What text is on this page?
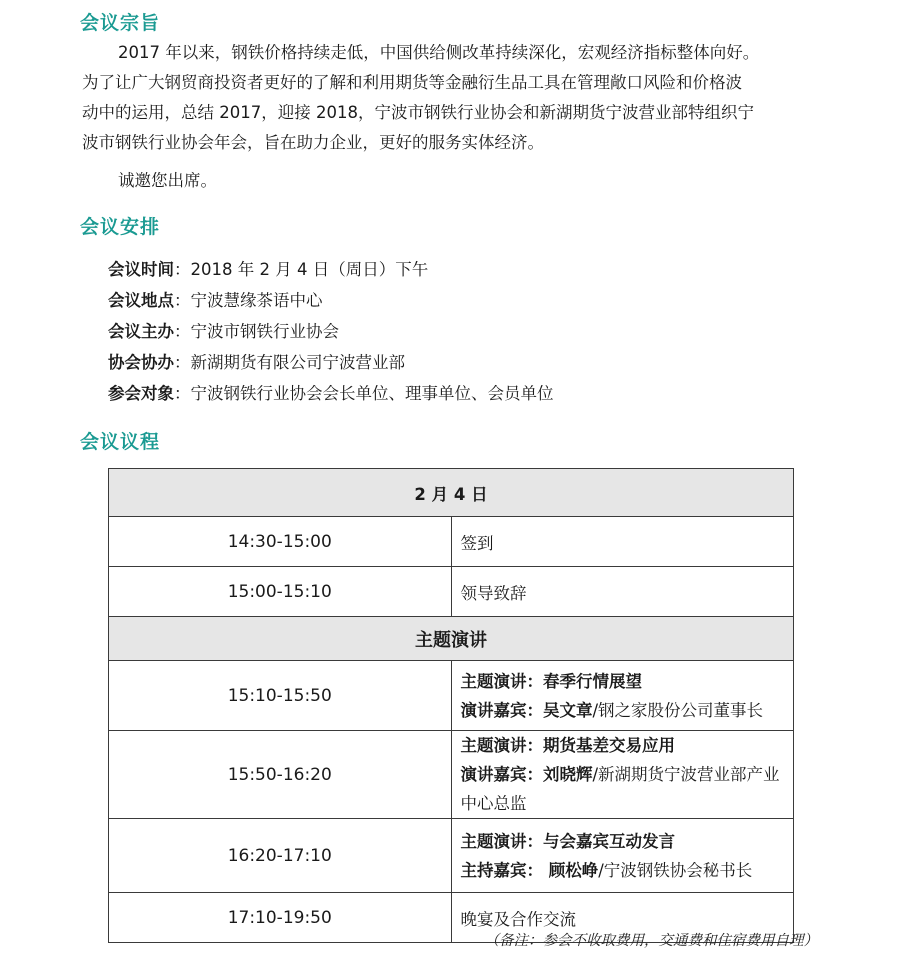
会议宗旨
2017 年以来，钢铁价格持续走低，中国供给侧改革持续深化，宏观经济指标整体向好。
为了让广大钢贸商投资者更好的了解和利用期货等金融衍生品工具在管理敞口风险和价格波
动中的运用，总结 2017，迎接 2018，宁波市钢铁行业协会和新湖期货宁波营业部特组织宁
波市钢铁行业协会年会，旨在助力企业，更好的服务实体经济。
诚邀您出席。
会议安排
会议时间：2018 年 2 月 4 日（周日）下午
会议地点：宁波慧缘茶语中心
会议主办：宁波市钢铁行业协会
协会协办：新湖期货有限公司宁波营业部
参会对象：宁波钢铁行业协会会长单位、理事单位、会员单位
会议议程
2 月 4 日	
14:30-15:00	签到
15:00-15:10	领导致辞
主题演讲	
15:10-15:50	主题演讲：春季行情展望
演讲嘉宾：吴文章/钢之家股份公司董事长

15:50-16:20	主题演讲：期货基差交易应用
演讲嘉宾：刘晓辉/新湖期货宁波营业部产业中心总监

16:20-17:10	主题演讲：与会嘉宾互动发言
主持嘉宾： 顾松峥/宁波钢铁协会秘书长

17:10-19:50	晚宴及合作交流
（备注：参会不收取费用，交通费和住宿费用自理）
